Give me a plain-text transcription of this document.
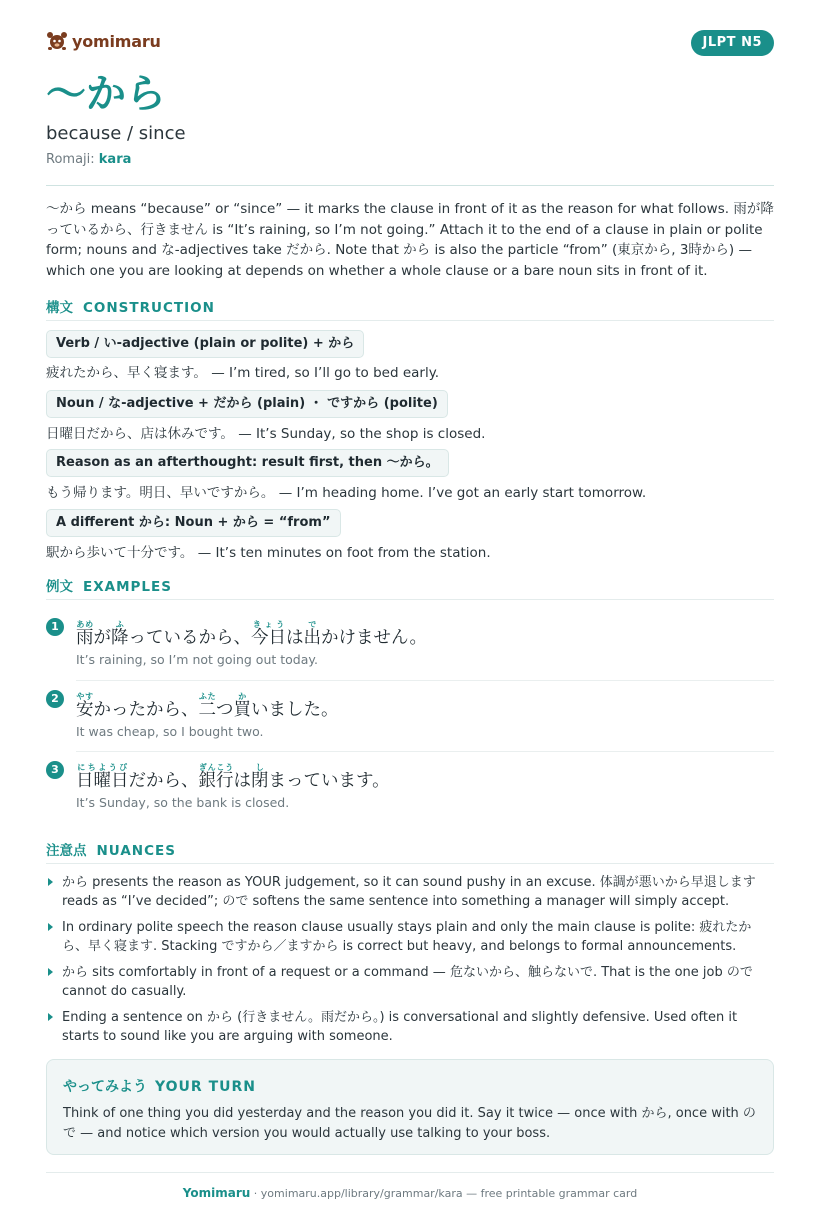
yomimaru	JLPT N5
〜から
because / since
Romaji: kara
〜から means “because” or “since” — it marks the clause in front of it as the reason for what follows. 雨が降っているから、行きません is “It’s raining, so I’m not going.” Attach it to the end of a clause in plain or polite form; nouns and な-adjectives take だから. Note that から is also the particle “from” (東京から, 3時から) — which one you are looking at depends on whether a whole clause or a bare noun sits in front of it.
構文 CONSTRUCTION
Verb / い-adjective (plain or polite) + から
疲れたから、早く寝ます。 — I’m tired, so I’ll go to bed early.
Noun / な-adjective + だから (plain) ・ ですから (polite)
日曜日だから、店は休みです。 — It’s Sunday, so the shop is closed.
Reason as an afterthought: result first, then 〜から。
もう帰ります。明日、早いですから。 — I’m heading home. I’ve got an early start tomorrow.
A different から: Noun + から = “from”
駅から歩いて十分です。 — It’s ten minutes on foot from the station.
例文 EXAMPLES
1
雨あめが降ふっているから、今日きょうは出でかけません。
It’s raining, so I’m not going out today.
2
安やすかったから、二ふたつ買かいました。
It was cheap, so I bought two.
3
日曜日にちようびだから、銀行ぎんこうは閉しまっています。
It’s Sunday, so the bank is closed.
注意点 NUANCES
から presents the reason as YOUR judgement, so it can sound pushy in an excuse. 体調が悪いから早退します reads as “I’ve decided”; ので softens the same sentence into something a manager will simply accept.
In ordinary polite speech the reason clause usually stays plain and only the main clause is polite: 疲れたから、早く寝ます. Stacking ですから／ますから is correct but heavy, and belongs to formal announcements.
から sits comfortably in front of a request or a command — 危ないから、触らないで. That is the one job ので cannot do casually.
Ending a sentence on から (行きません。雨だから。) is conversational and slightly defensive. Used often it starts to sound like you are arguing with someone.
やってみよう YOUR TURN
Think of one thing you did yesterday and the reason you did it. Say it twice — once with から, once with ので — and notice which version you would actually use talking to your boss.
Yomimaru · yomimaru.app/library/grammar/kara — free printable grammar card
